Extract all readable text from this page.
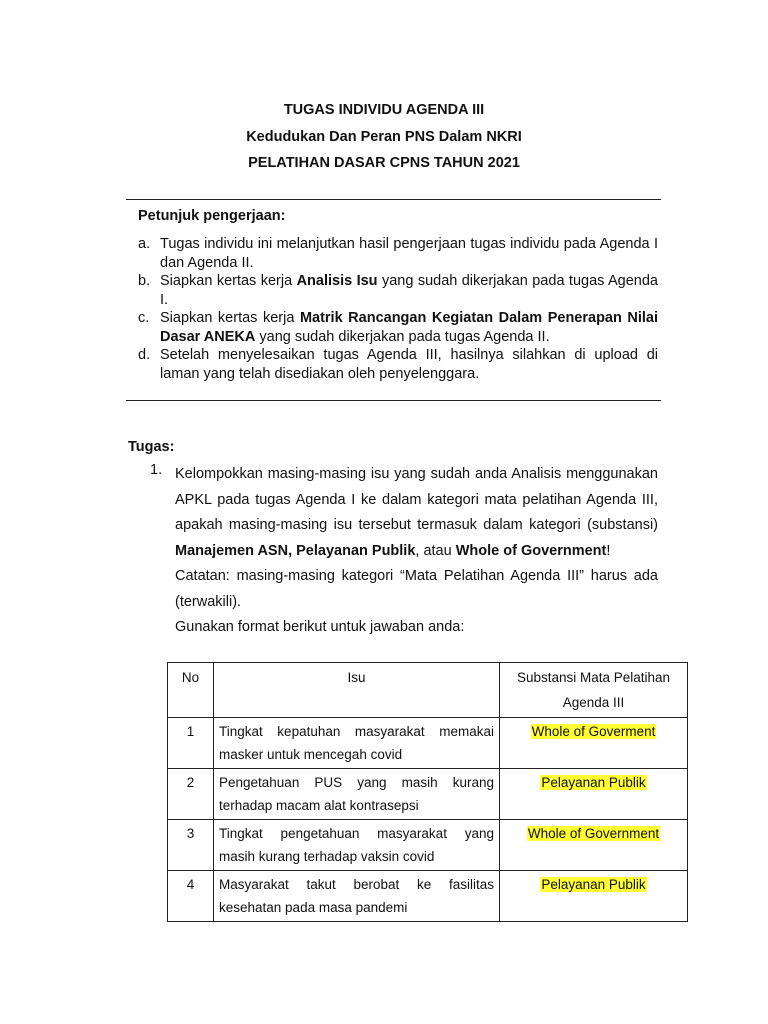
TUGAS INDIVIDU AGENDA III
Kedudukan Dan Peran PNS Dalam NKRI
PELATIHAN DASAR CPNS TAHUN 2021
Petunjuk pengerjaan:
a. Tugas individu ini melanjutkan hasil pengerjaan tugas individu pada Agenda I dan Agenda II.
b. Siapkan kertas kerja Analisis Isu yang sudah dikerjakan pada tugas Agenda I.
c. Siapkan kertas kerja Matrik Rancangan Kegiatan Dalam Penerapan Nilai Dasar ANEKA yang sudah dikerjakan pada tugas Agenda II.
d. Setelah menyelesaikan tugas Agenda III, hasilnya silahkan di upload di laman yang telah disediakan oleh penyelenggara.
Tugas:
1. Kelompokkan masing-masing isu yang sudah anda Analisis menggunakan APKL pada tugas Agenda I ke dalam kategori mata pelatihan Agenda III, apakah masing-masing isu tersebut termasuk dalam kategori (substansi) Manajemen ASN, Pelayanan Publik, atau Whole of Government!
Catatan: masing-masing kategori “Mata Pelatihan Agenda III” harus ada (terwakili).
Gunakan format berikut untuk jawaban anda:
No	Isu	Substansi Mata Pelatihan Agenda III
1	Tingkat kepatuhan masyarakat memakai
masker untuk mencegah covid	Whole of Goverment
2	Pengetahuan PUS yang masih kurang
terhadap macam alat kontrasepsi	Pelayanan Publik
3	Tingkat pengetahuan masyarakat yang
masih kurang terhadap vaksin covid	Whole of Government
4	Masyarakat takut berobat ke fasilitas
kesehatan pada masa pandemi	Pelayanan Publik
